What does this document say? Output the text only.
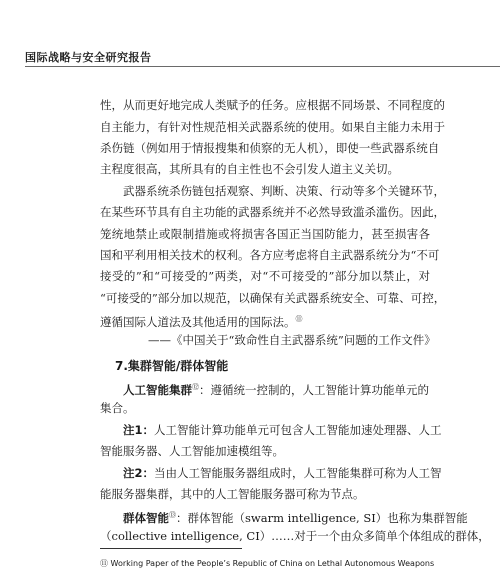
国际战略与安全研究报告
性，从而更好地完成人类赋予的任务。应根据不同场景、不同程度的
自主能力，有针对性规范相关武器系统的使用。如果自主能力未用于
杀伤链（例如用于情报搜集和侦察的无人机），即使一些武器系统自
主程度很高，其所具有的自主性也不会引发人道主义关切。
武器系统杀伤链包括观察、判断、决策、行动等多个关键环节，
在某些环节具有自主功能的武器系统并不必然导致滥杀滥伤。因此，
笼统地禁止或限制措施或将损害各国正当国防能力，甚至损害各
国和平利用相关技术的权利。各方应考虑将自主武器系统分为“不可
接受的”和“可接受的”两类，对“不可接受的”部分加以禁止，对
“可接受的”部分加以规范，以确保有关武器系统安全、可靠、可控，
遵循国际人道法及其他适用的国际法。⑪
——《中国关于“致命性自主武器系统”问题的工作文件》
7.集群智能/群体智能
人工智能集群⑫：遵循统一控制的，人工智能计算功能单元的
集合。
注1：人工智能计算功能单元可包含人工智能加速处理器、人工
智能服务器、人工智能加速模组等。
注2：当由人工智能服务器组成时，人工智能集群可称为人工智
能服务器集群，其中的人工智能服务器可称为节点。
群体智能⑬：群体智能（swarm intelligence, SI）也称为集群智能
（collective intelligence, CI）……对于一个由众多简单个体组成的群体，
⑪ Working Paper of the People’s Republic of China on Lethal Autonomous Weapons
